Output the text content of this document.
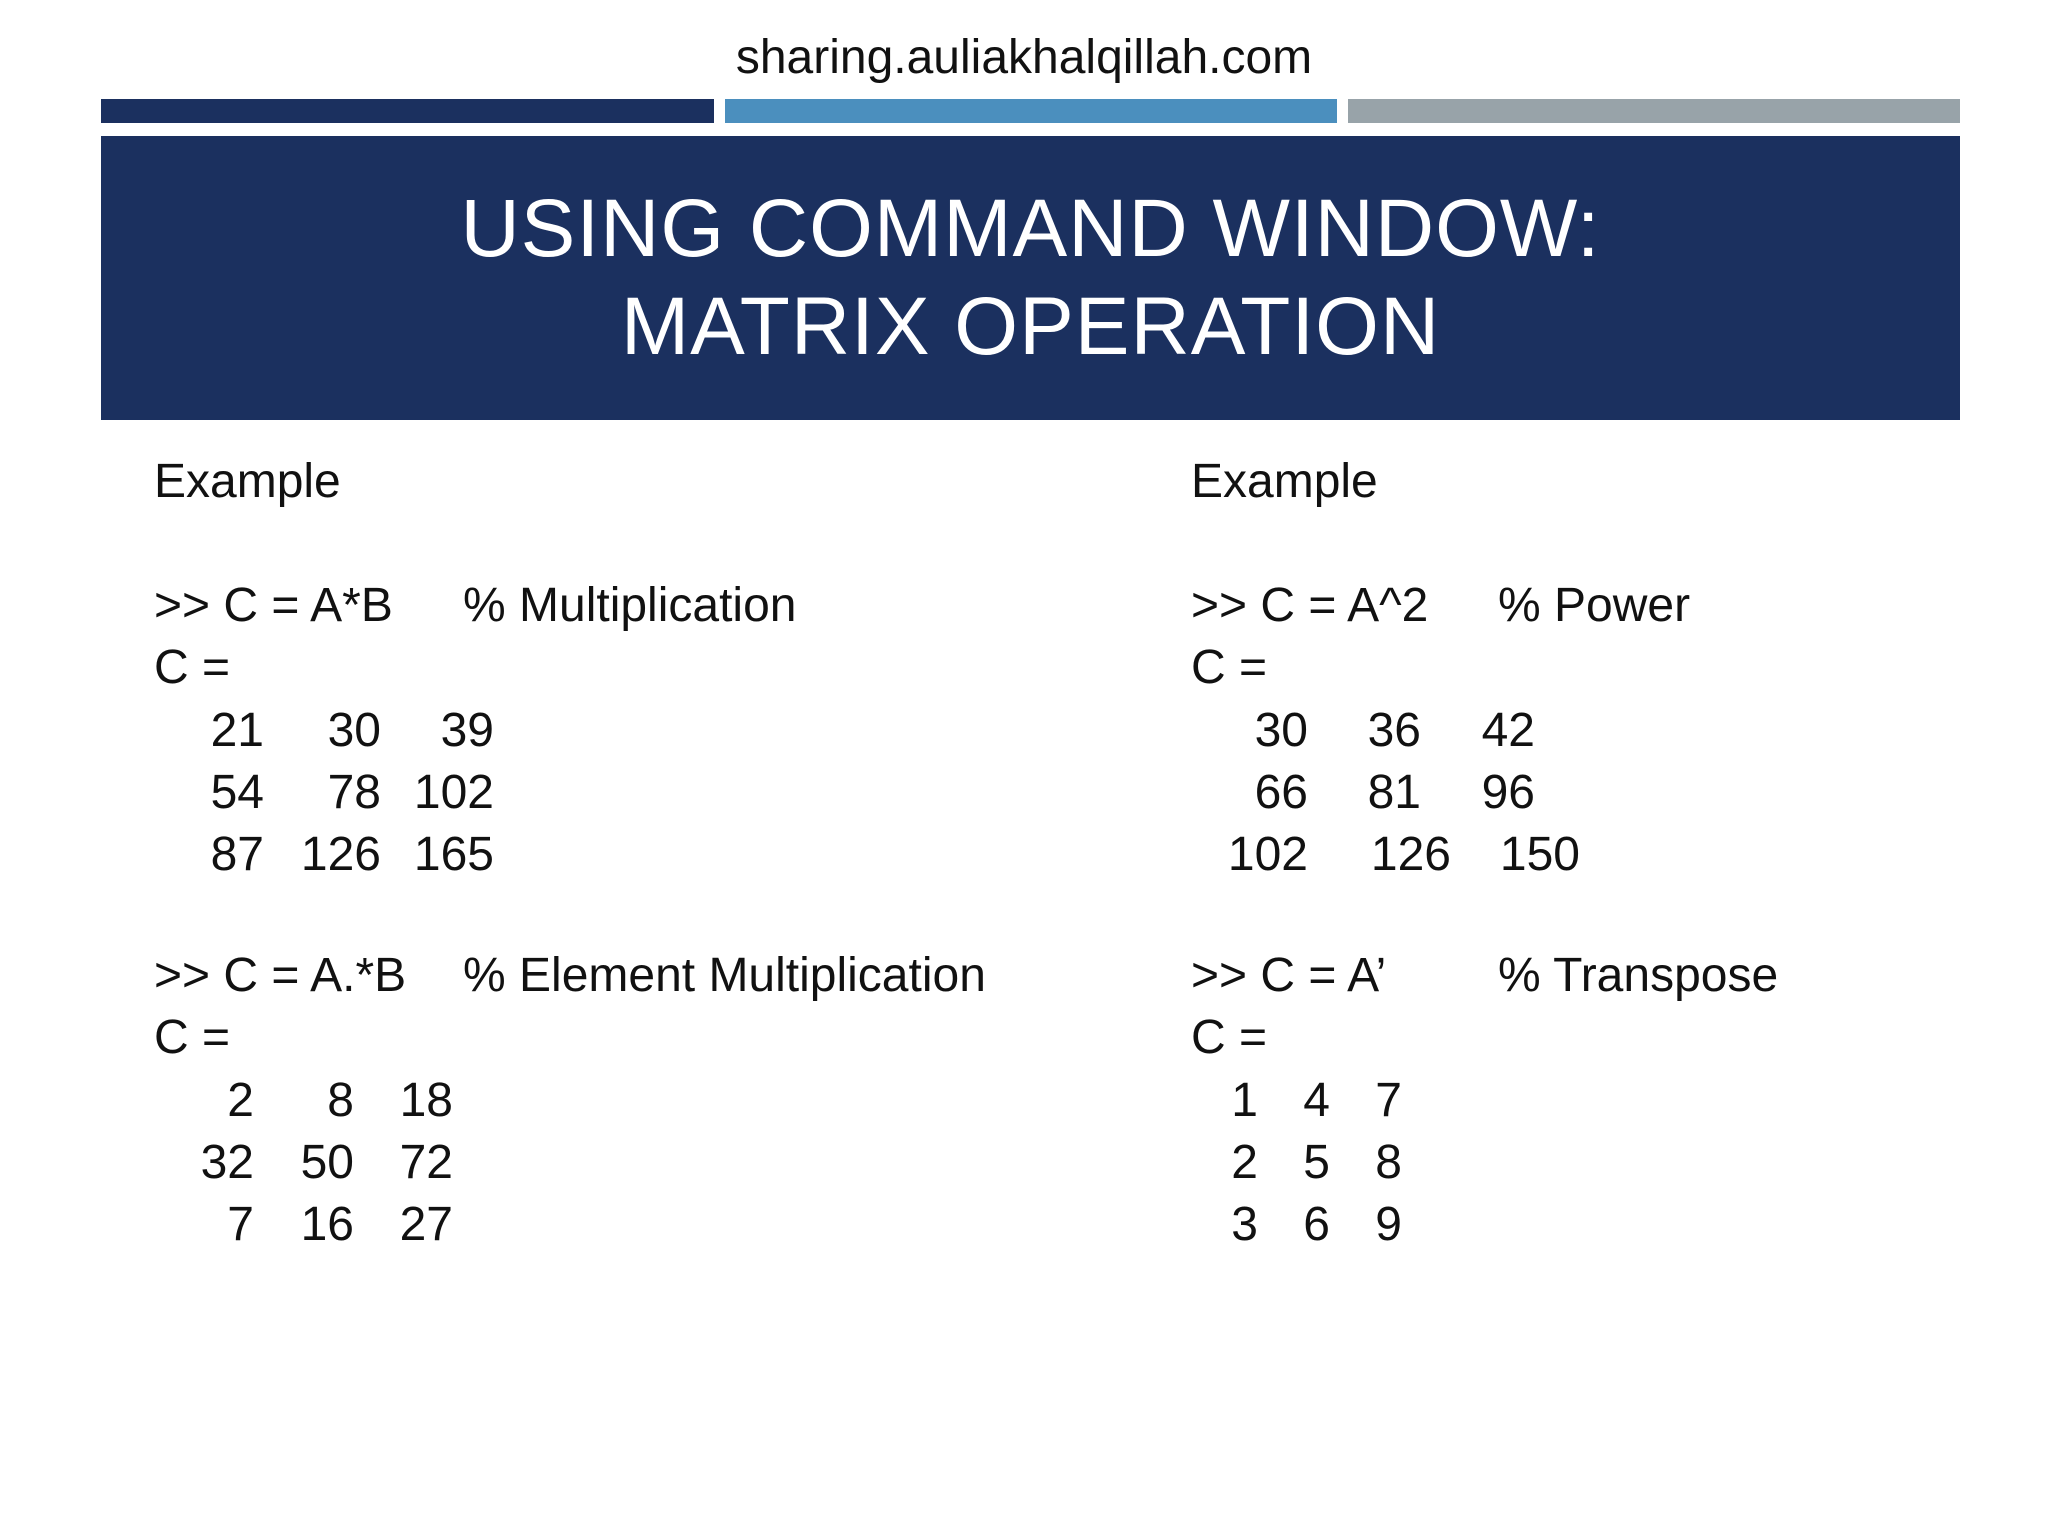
sharing.auliakhalqillah.com
USING COMMAND WINDOW:
MATRIX OPERATION
Example
>> C = A*B % Multiplication
C =
21	30	39
54	78 102
87 126 165
>> C = A.*B % Element Multiplication
C =
2	8 18
32 50 72
7 16 27
Example
>> C = A^2 % Power
C =
30	36	42
66	81	96
102	126	150
>> C = A’ % Transpose
C =
1 4 7
2 5 8
3 6 9
